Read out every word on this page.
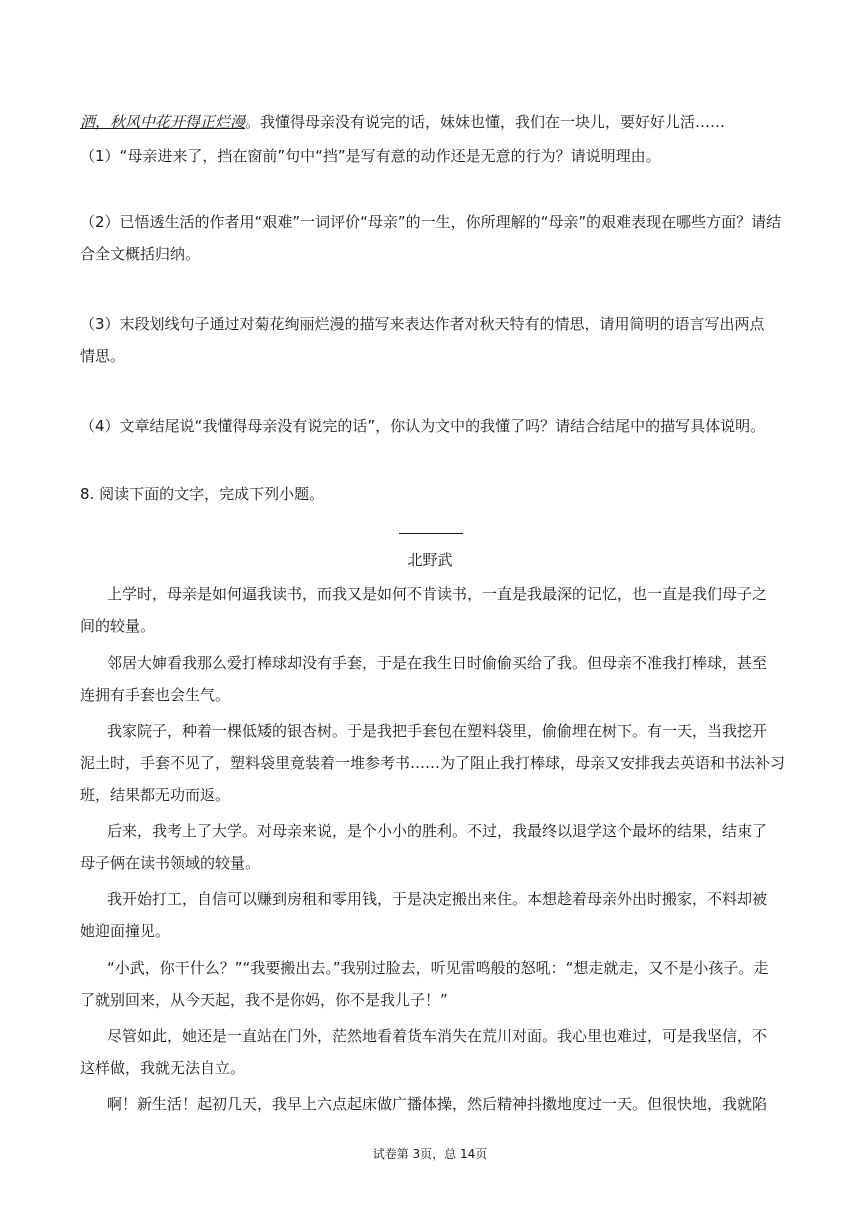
洒，秋风中花开得正烂漫。我懂得母亲没有说完的话，妹妹也懂，我们在一块儿，要好好儿活……
（1）“母亲进来了，挡在窗前”句中“挡”是写有意的动作还是无意的行为？请说明理由。
（2）已悟透生活的作者用“艰难”一词评价“母亲”的一生，你所理解的“母亲”的艰难表现在哪些方面？请结
合全文概括归纳。
（3）末段划线句子通过对菊花绚丽烂漫的描写来表达作者对秋天特有的情思，请用简明的语言写出两点
情思。
（4）文章结尾说“我懂得母亲没有说完的话”，你认为文中的我懂了吗？请结合结尾中的描写具体说明。
8. 阅读下面的文字，完成下列小题。
北野武
上学时，母亲是如何逼我读书，而我又是如何不肯读书，一直是我最深的记忆，也一直是我们母子之
间的较量。
邻居大婶看我那么爱打棒球却没有手套，于是在我生日时偷偷买给了我。但母亲不准我打棒球，甚至
连拥有手套也会生气。
我家院子，种着一棵低矮的银杏树。于是我把手套包在塑料袋里，偷偷埋在树下。有一天，当我挖开
泥土时，手套不见了，塑料袋里竟装着一堆参考书……为了阻止我打棒球，母亲又安排我去英语和书法补习
班，结果都无功而返。
后来，我考上了大学。对母亲来说，是个小小的胜利。不过，我最终以退学这个最坏的结果，结束了
母子俩在读书领域的较量。
我开始打工，自信可以赚到房租和零用钱，于是决定搬出来住。本想趁着母亲外出时搬家，不料却被
她迎面撞见。
“小武，你干什么？”“我要搬出去。”我别过脸去，听见雷鸣般的怒吼：“想走就走，又不是小孩子。走
了就别回来，从今天起，我不是你妈，你不是我儿子！”
尽管如此，她还是一直站在门外，茫然地看着货车消失在荒川对面。我心里也难过，可是我坚信，不
这样做，我就无法自立。
啊！新生活！起初几天，我早上六点起床做广播体操，然后精神抖擞地度过一天。但很快地，我就陷
试卷第 3页，总 14页
